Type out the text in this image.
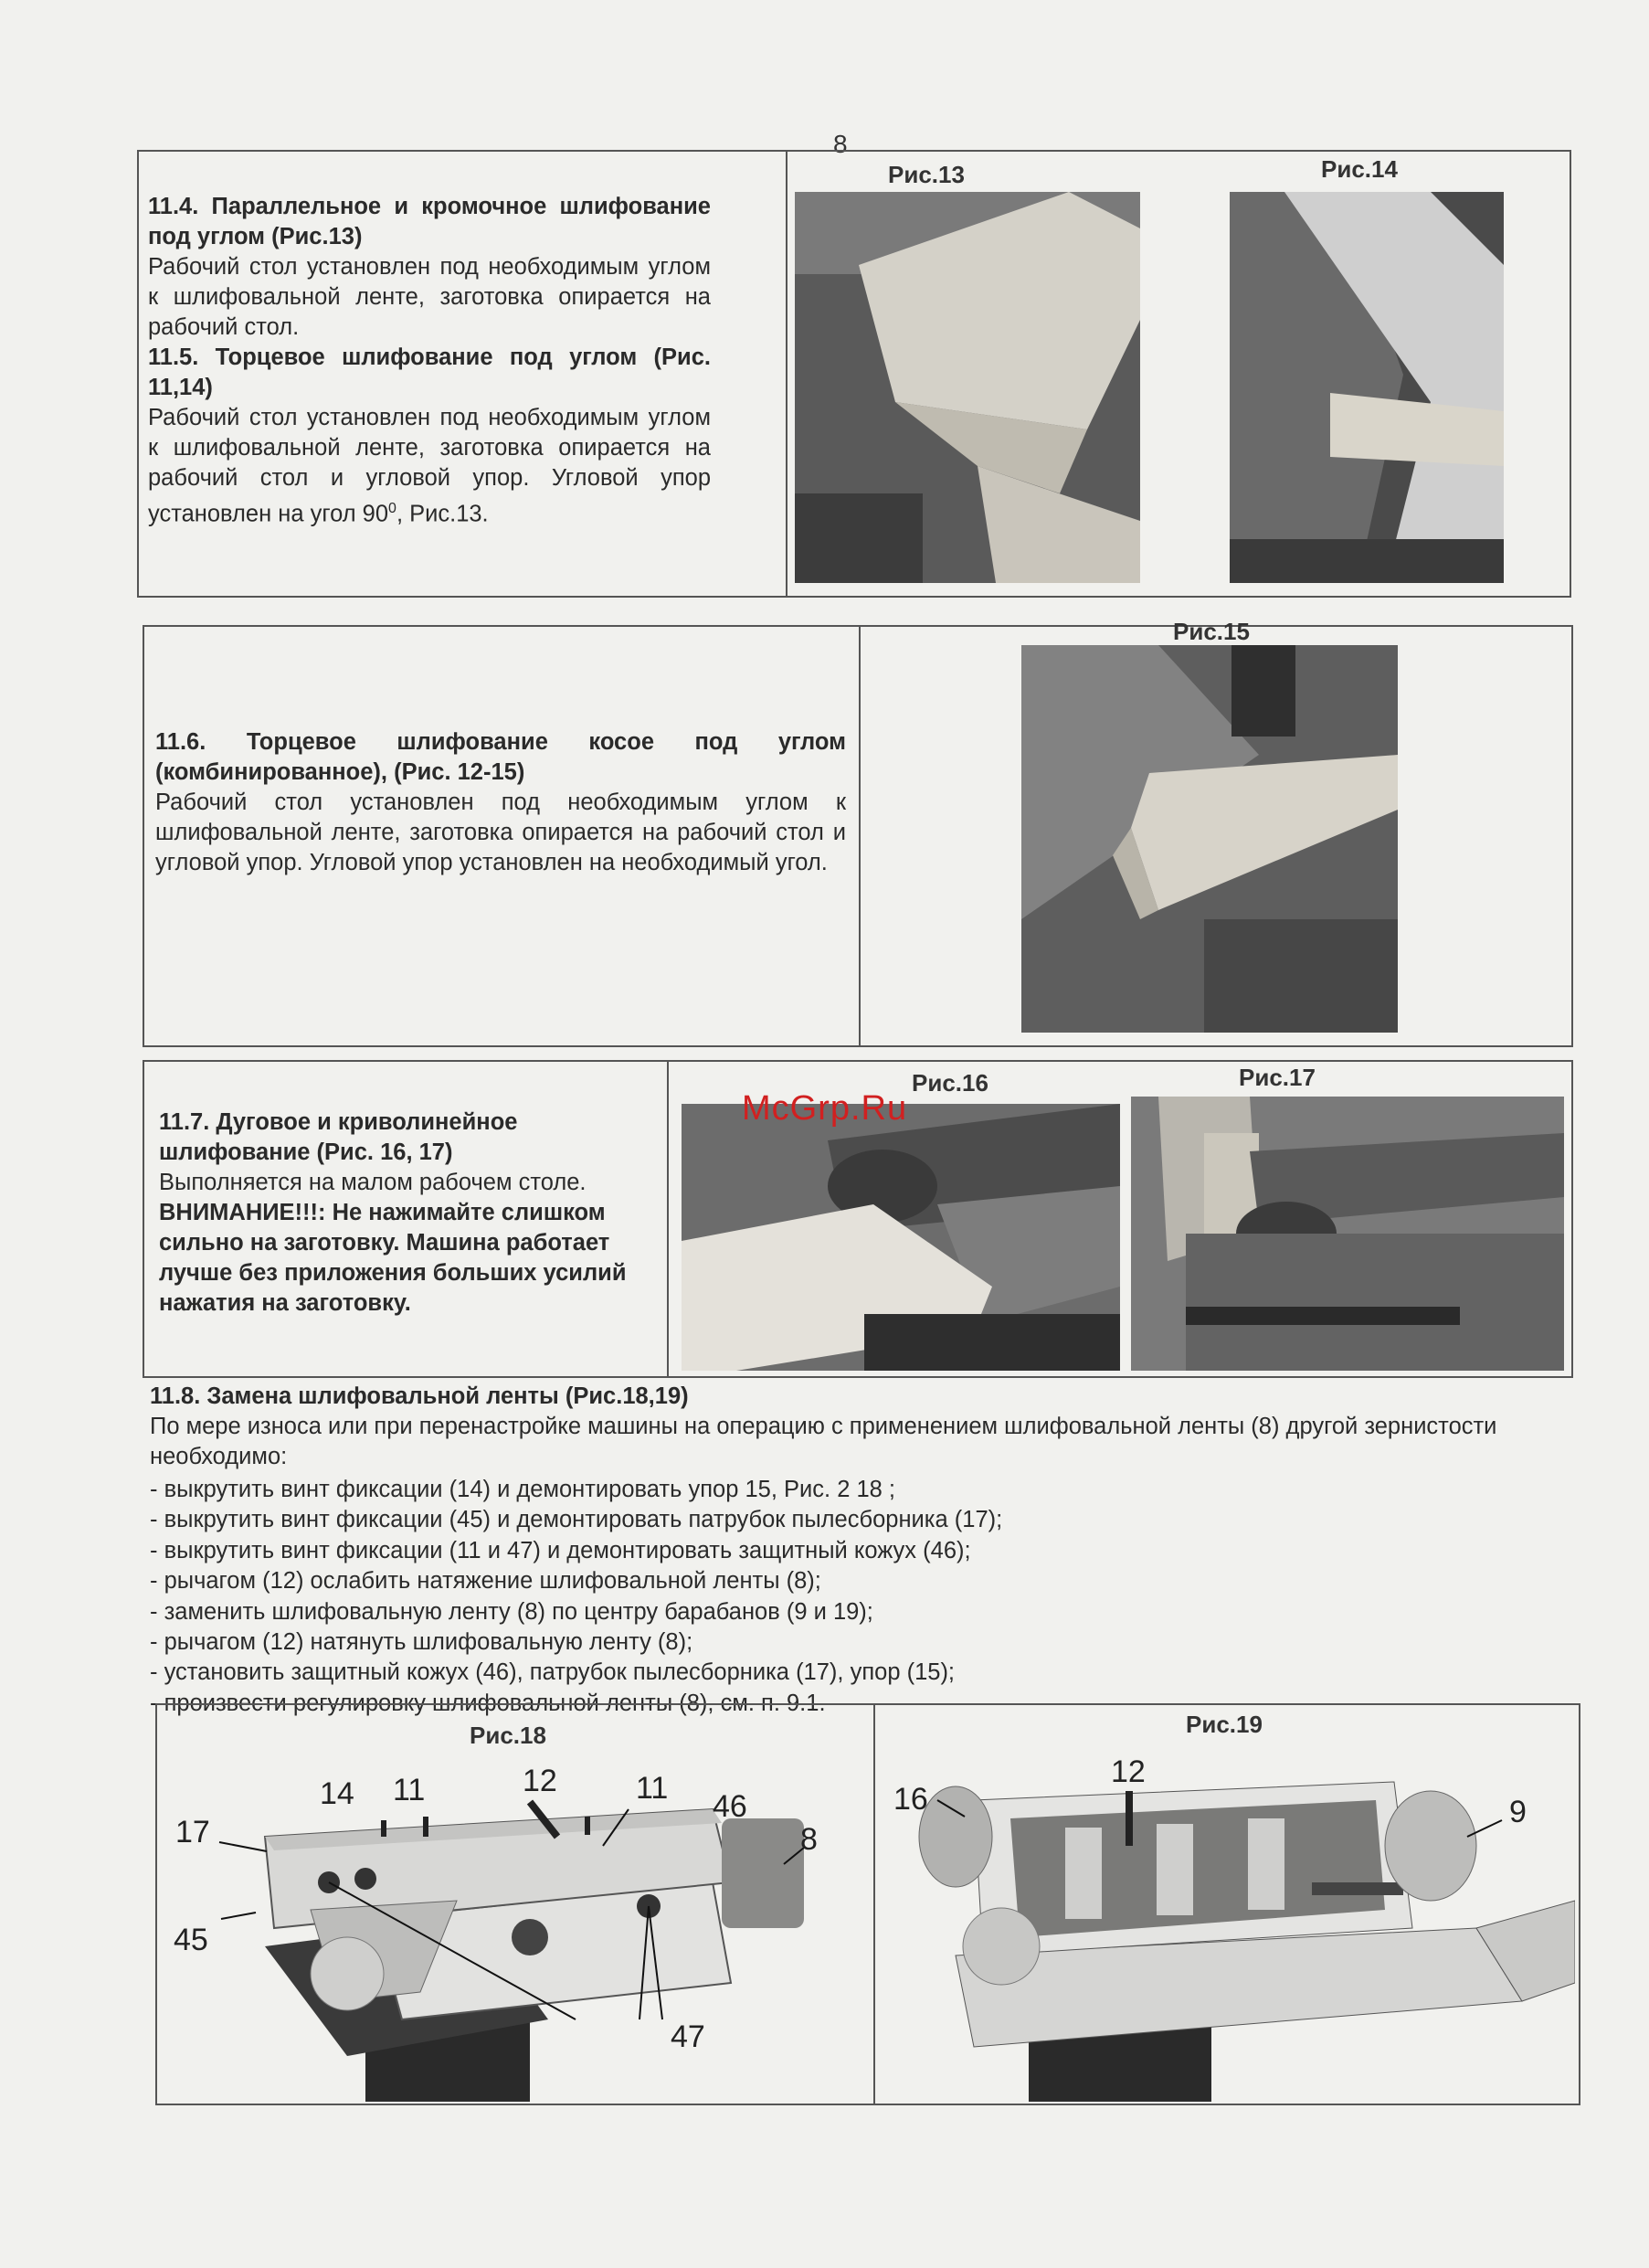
8
11.4. Параллельное и кромочное шлифование под углом (Рис.13)
Рабочий стол установлен под необходимым углом к шлифовальной ленте, заготовка опирается на рабочий стол.
11.5. Торцевое шлифование под углом (Рис. 11,14)
Рабочий стол установлен под необходимым углом к шлифовальной ленте, заготовка опирается на рабочий стол и угловой упор. Угловой упор установлен на угол $90^0$, Рис.13.
Рис.13	Рис.14
11.6. Торцевое шлифование косое под углом (комбинированное), (Рис. 12-15)
Рабочий стол установлен под необходимым углом к шлифовальной ленте, заготовка опирается на рабочий стол и угловой упор. Угловой упор установлен на необходимый угол.
Рис.15
11.7. Дуговое и криволинейное шлифование (Рис. 16, 17)
Выполняется на малом рабочем столе.
ВНИМАНИЕ!!!: Не нажимайте слишком сильно на заготовку. Машина работает лучше без приложения больших усилий нажатия на заготовку.
Рис.16	Рис.17
McGrp.Ru
11.8. Замена шлифовальной ленты (Рис.18,19)
По мере износа или при перенастройке машины на операцию с применением шлифовальной ленты (8) другой зернистости необходимо:
- выкрутить винт фиксации (14) и демонтировать упор 15, Рис. 2 18 ;
- выкрутить винт фиксации (45) и демонтировать патрубок пылесборника (17);
- выкрутить винт фиксации (11 и 47) и демонтировать защитный кожух (46);
- рычагом (12) ослабить натяжение шлифовальной ленты (8);
- заменить шлифовальную ленту (8) по центру барабанов (9 и 19);
- рычагом (12) натянуть шлифовальную ленту (8);
- установить защитный кожух (46), патрубок пылесборника (17), упор (15);
- произвести регулировку шлифовальной ленты (8), см. п. 9.1.
Рис.18	Рис.19
14 11	12	11
46
17	8
45
47
12
16	9
